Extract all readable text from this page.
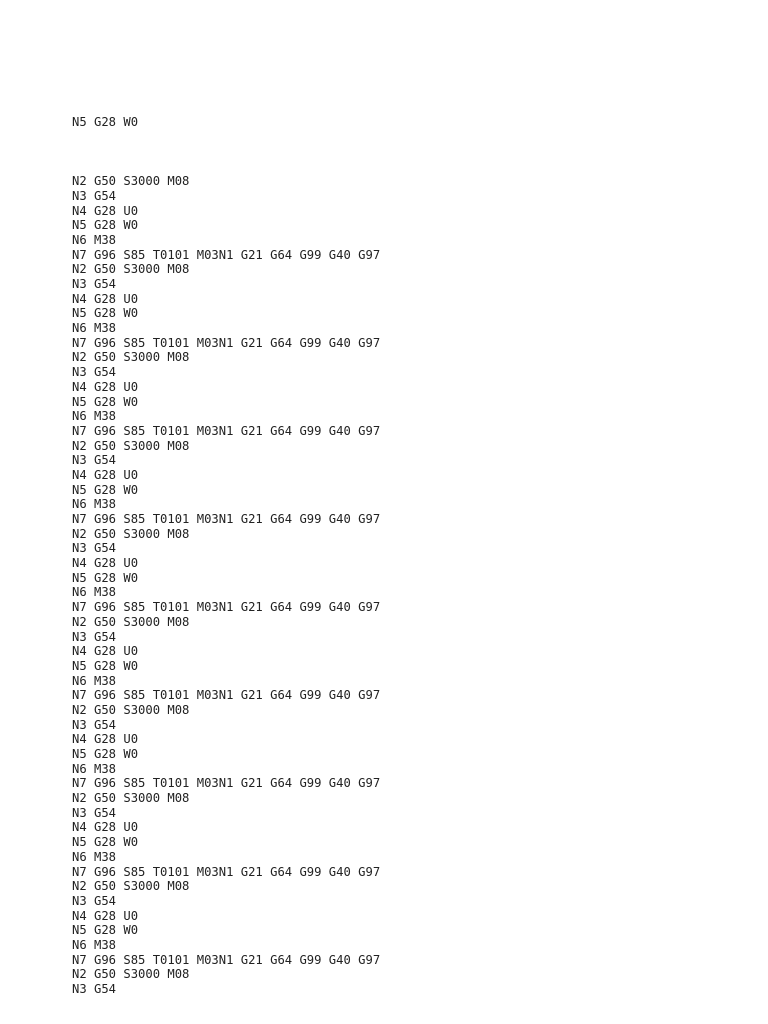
N5 G28 W0

N2 G50 S3000 M08
N3 G54
N4 G28 U0
N5 G28 W0
N6 M38
N7 G96 S85 T0101 M03N1 G21 G64 G99 G40 G97
N2 G50 S3000 M08
N3 G54
N4 G28 U0
N5 G28 W0
N6 M38
N7 G96 S85 T0101 M03N1 G21 G64 G99 G40 G97
N2 G50 S3000 M08
N3 G54
N4 G28 U0
N5 G28 W0
N6 M38
N7 G96 S85 T0101 M03N1 G21 G64 G99 G40 G97
N2 G50 S3000 M08
N3 G54
N4 G28 U0
N5 G28 W0
N6 M38
N7 G96 S85 T0101 M03N1 G21 G64 G99 G40 G97
N2 G50 S3000 M08
N3 G54
N4 G28 U0
N5 G28 W0
N6 M38
N7 G96 S85 T0101 M03N1 G21 G64 G99 G40 G97
N2 G50 S3000 M08
N3 G54
N4 G28 U0
N5 G28 W0
N6 M38
N7 G96 S85 T0101 M03N1 G21 G64 G99 G40 G97
N2 G50 S3000 M08
N3 G54
N4 G28 U0
N5 G28 W0
N6 M38
N7 G96 S85 T0101 M03N1 G21 G64 G99 G40 G97
N2 G50 S3000 M08
N3 G54
N4 G28 U0
N5 G28 W0
N6 M38
N7 G96 S85 T0101 M03N1 G21 G64 G99 G40 G97
N2 G50 S3000 M08
N3 G54
N4 G28 U0
N5 G28 W0
N6 M38
N7 G96 S85 T0101 M03N1 G21 G64 G99 G40 G97
N2 G50 S3000 M08
N3 G54
